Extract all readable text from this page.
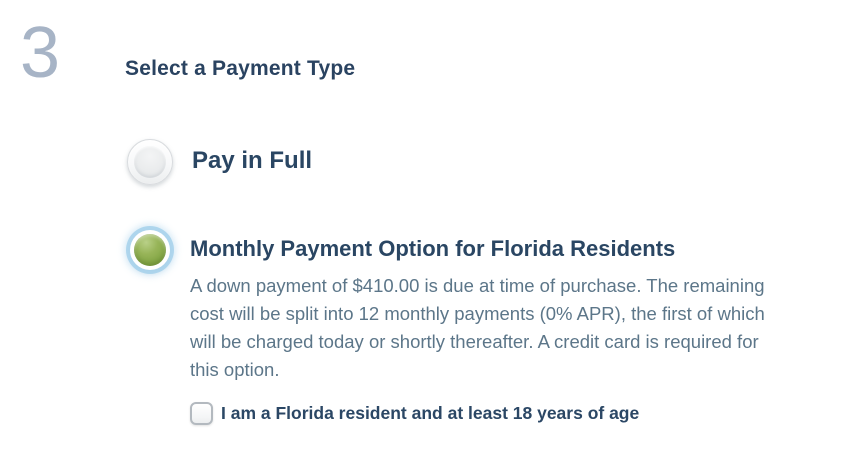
3	Select a Payment Type
Pay in Full
Monthly Payment Option for Florida Residents
A down payment of $410.00 is due at time of purchase. The remaining
cost will be split into 12 monthly payments (0% APR), the first of which
will be charged today or shortly thereafter. A credit card is required for
this option.
I am a Florida resident and at least 18 years of age
